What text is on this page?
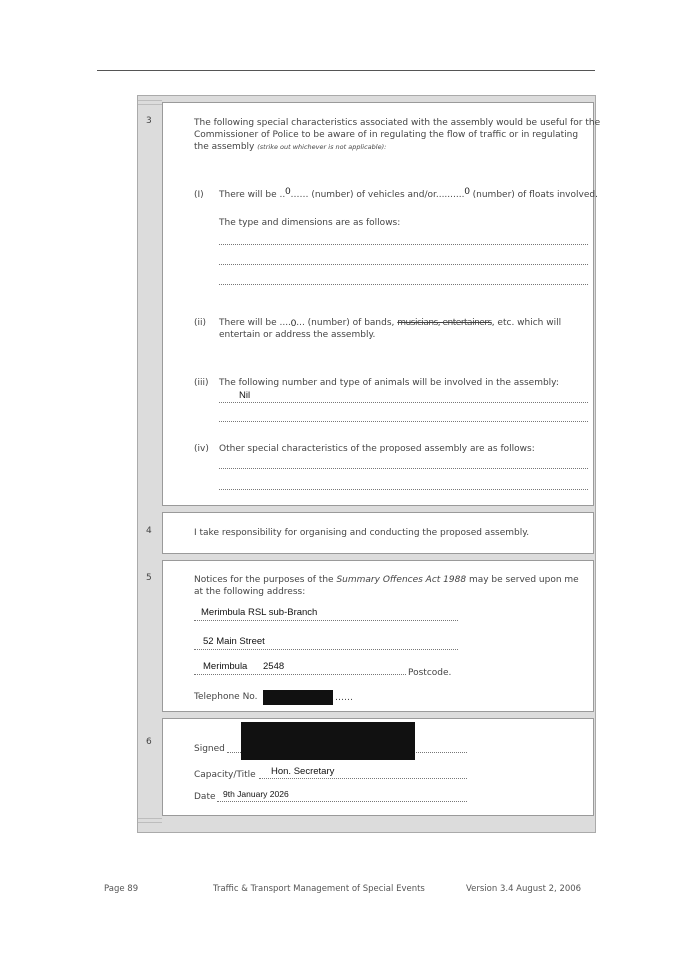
3	The following special characteristics associated with the assembly would be useful for the
Commissioner of Police to be aware of in regulating the flow of traffic or in regulating
the assembly (strike out whichever is not applicable):
(I) There will be ..0…… (number) of vehicles and/or..........0 (number) of floats involved.
The type and dimensions are as follows:
(ii) There will be ....0... (number) of bands, musicians, entertainers, etc. which will
entertain or address the assembly.
(iii) The following number and type of animals will be involved in the assembly:
Nil
(iv) Other special characteristics of the proposed assembly are as follows:
4	I take responsibility for organising and conducting the proposed assembly.
5	Notices for the purposes of the Summary Offences Act 1988 may be served upon me
at the following address:
Merimbula RSL sub-Branch
52 Main Street
Merimbula 2548
Postcode.
Telephone No.	……
6
Signed
Capacity/Title Hon. Secretary
Date 9th January 2026
Page 89	Traffic & Transport Management of Special Events	Version 3.4 August 2, 2006
